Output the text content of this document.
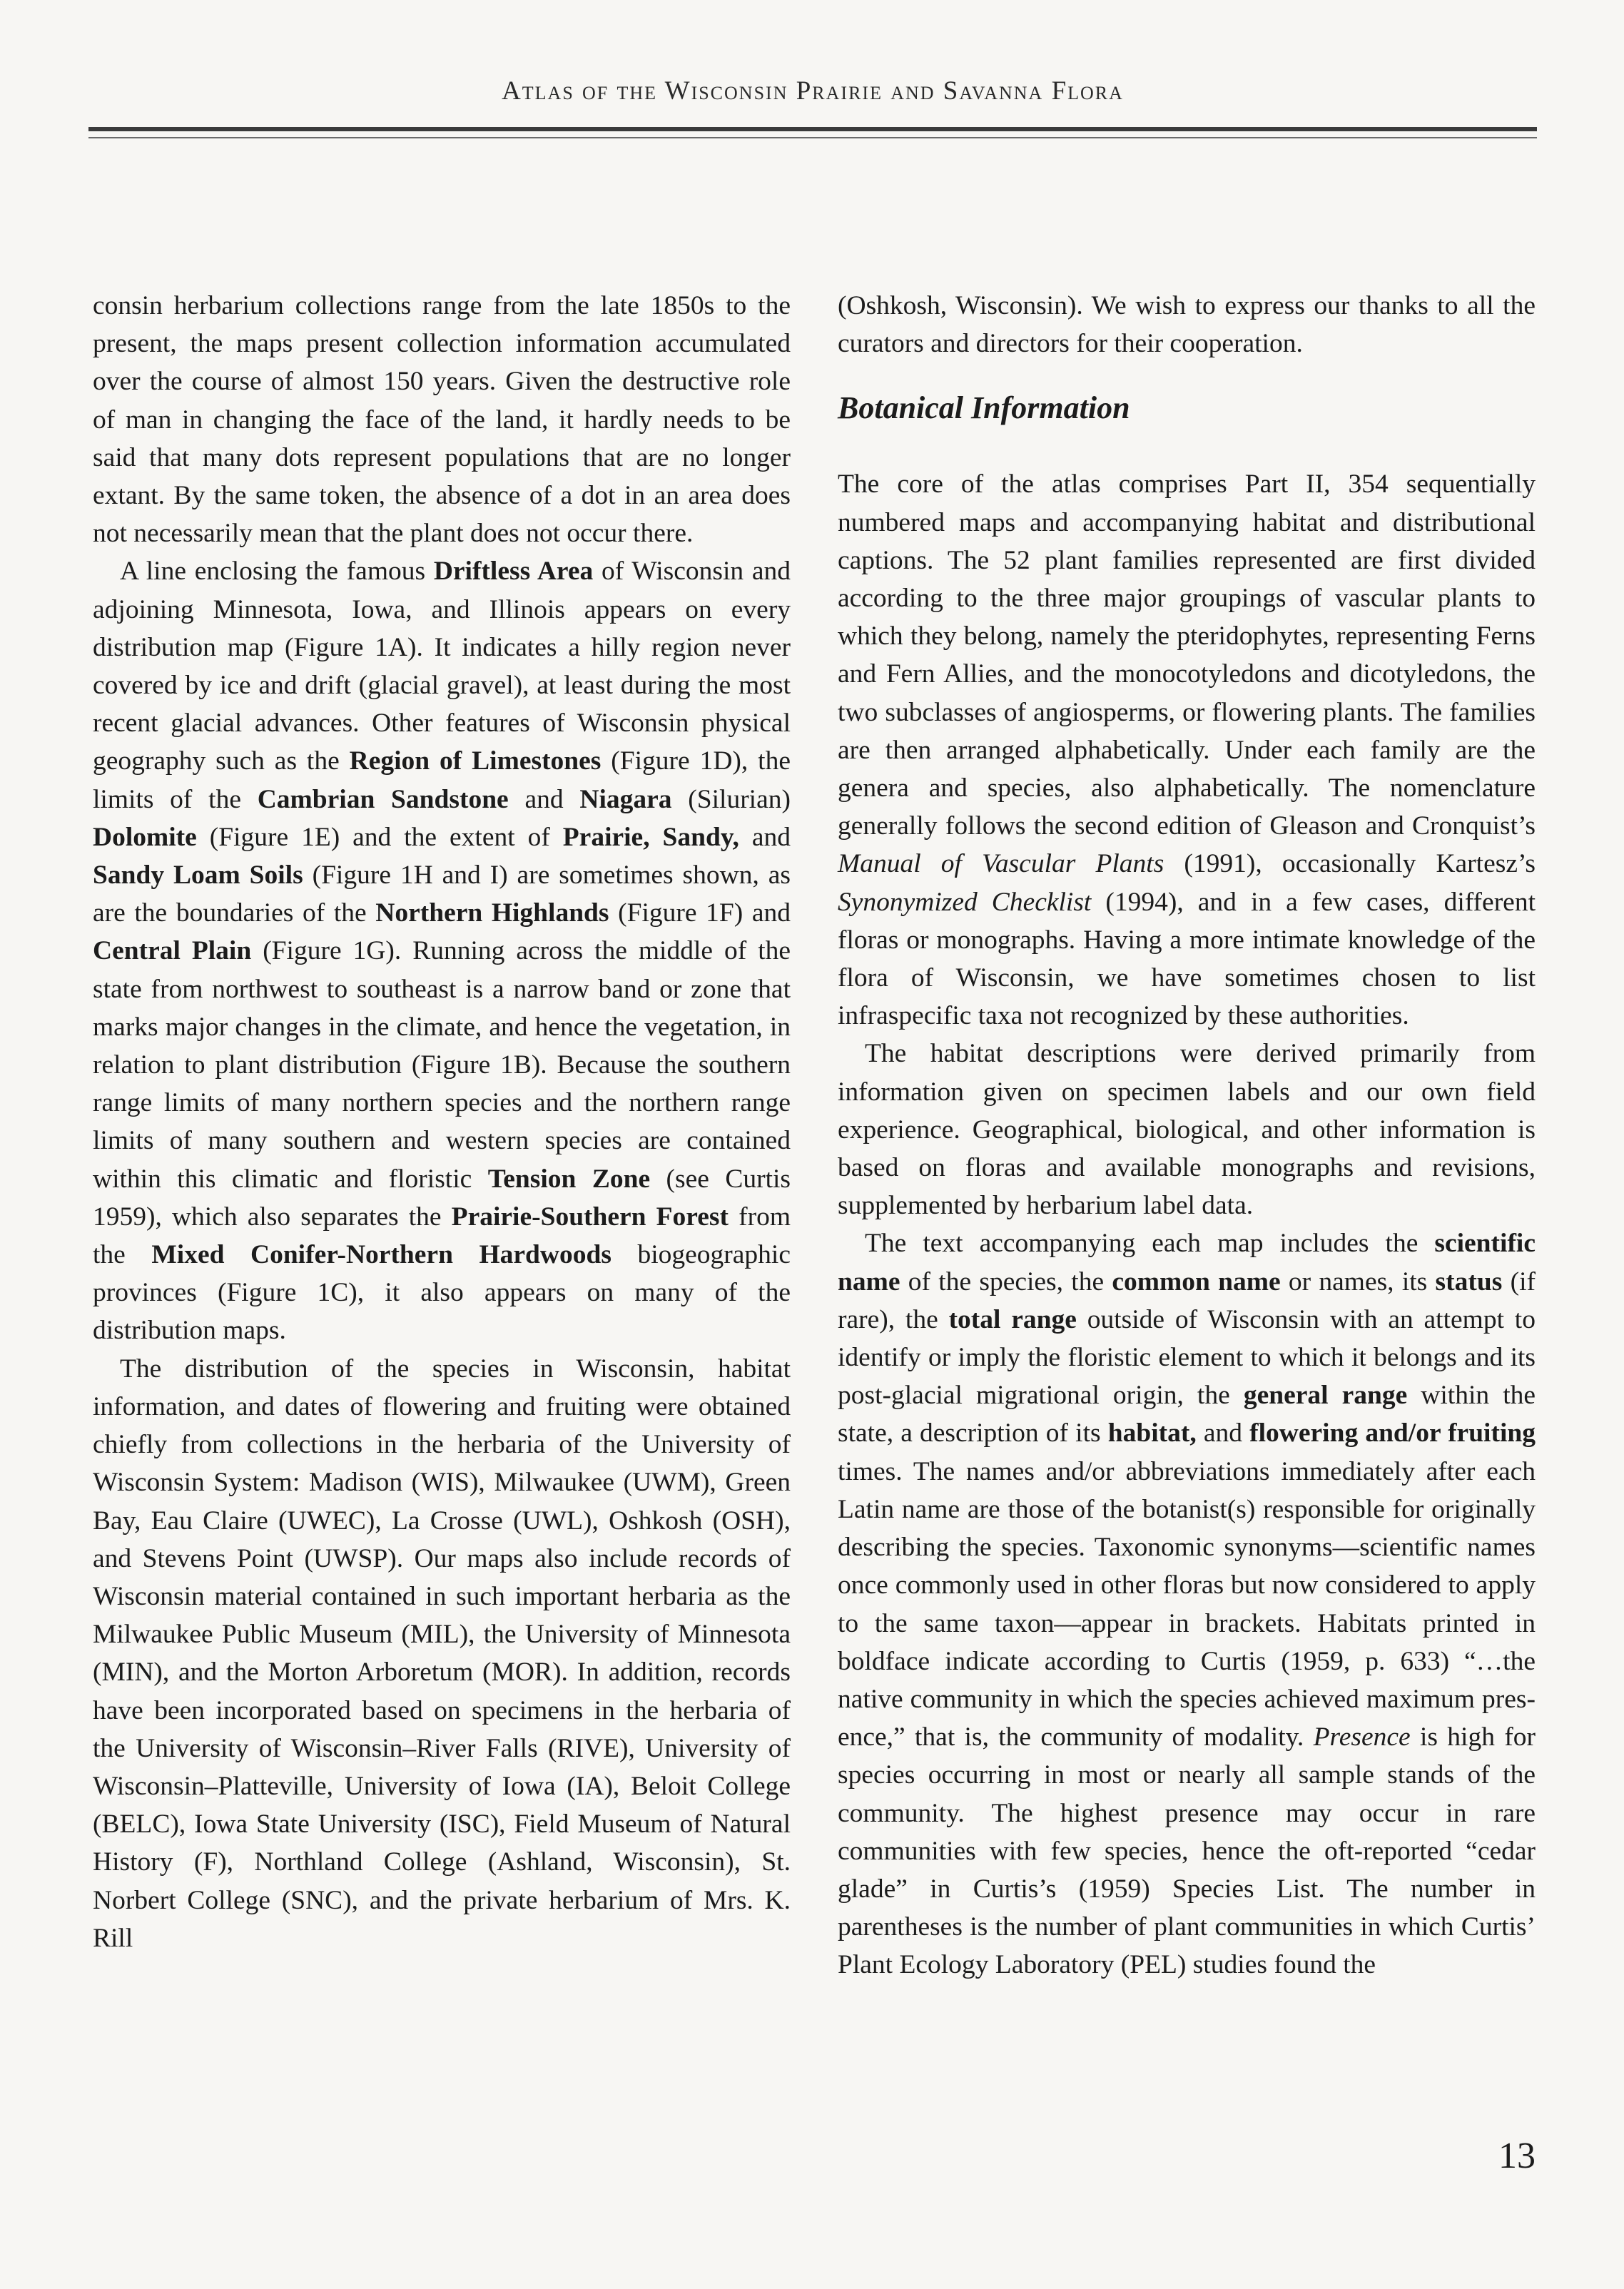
Atlas of the Wisconsin Prairie and Savanna Flora

consin herbarium collections range from the late 1850s to the present, the maps present collection information accumulated over the course of almost 150 years. Given the destructive role of man in changing the face of the land, it hardly needs to be said that many dots represent populations that are no longer extant. By the same token, the absence of a dot in an area does not necessarily mean that the plant does not occur there.

A line enclosing the famous Driftless Area of Wisconsin and adjoining Minnesota, Iowa, and Illinois appears on every distribution map (Figure 1A). It indicates a hilly region never covered by ice and drift (glacial gravel), at least during the most recent glacial advances. Other features of Wisconsin physical geography such as the Region of Limestones (Figure 1D), the limits of the Cambrian Sandstone and Niagara (Silurian) Dolomite (Figure 1E) and the extent of Prairie, Sandy, and Sandy Loam Soils (Figure 1H and I) are sometimes shown, as are the boundaries of the Northern Highlands (Figure 1F) and Central Plain (Figure 1G). Running across the middle of the state from northwest to southeast is a narrow band or zone that marks major changes in the climate, and hence the vegetation, in relation to plant distribution (Figure 1B). Because the southern range limits of many northern species and the northern range limits of many southern and western species are contained within this climatic and floristic Tension Zone (see Curtis 1959), which also separates the Prairie-Southern Forest from the Mixed Conifer-Northern Hardwoods biogeographic provinces (Figure 1C), it also appears on many of the distribution maps.

The distribution of the species in Wisconsin, habitat information, and dates of flowering and fruiting were obtained chiefly from collections in the herbaria of the University of Wisconsin System: Madison (WIS), Milwaukee (UWM), Green Bay, Eau Claire (UWEC), La Crosse (UWL), Oshkosh (OSH), and Stevens Point (UWSP). Our maps also include records of Wisconsin material contained in such important herbaria as the Milwaukee Public Museum (MIL), the University of Minnesota (MIN), and the Morton Arboretum (MOR). In addition, records have been incorporated based on specimens in the herbaria of the University of Wisconsin–River Falls (RIVE), University of Wisconsin–Platteville, University of Iowa (IA), Beloit College (BELC), Iowa State University (ISC), Field Museum of Natural History (F), Northland College (Ashland, Wisconsin), St. Norbert College (SNC), and the private herbarium of Mrs. K. Rill

(Oshkosh, Wisconsin). We wish to express our thanks to all the curators and directors for their cooperation.

Botanical Information

The core of the atlas comprises Part II, 354 sequentially numbered maps and accompanying habitat and distributional captions. The 52 plant families represented are first divided according to the three major groupings of vascular plants to which they belong, namely the pteridophytes, representing Ferns and Fern Allies, and the monocotyledons and dicotyledons, the two subclasses of angiosperms, or flowering plants. The families are then arranged alphabetically. Under each family are the genera and species, also alphabetically. The nomenclature generally follows the second edition of Gleason and Cronquist’s Manual of Vascular Plants (1991), occasionally Kartesz’s Synonymized Checklist (1994), and in a few cases, different floras or monographs. Having a more intimate knowledge of the flora of Wisconsin, we have sometimes chosen to list infraspecific taxa not recognized by these authorities.

The habitat descriptions were derived primarily from information given on specimen labels and our own field experience. Geographical, biological, and other information is based on floras and available monographs and revisions, supplemented by herbarium label data.

The text accompanying each map includes the scientific name of the species, the common name or names, its status (if rare), the total range outside of Wisconsin with an attempt to identify or imply the floristic element to which it belongs and its post-glacial migrational origin, the general range within the state, a description of its habitat, and flowering and/or fruiting times. The names and/or abbreviations immediately after each Latin name are those of the botanist(s) responsible for originally describing the species. Taxonomic synonyms—scientific names once commonly used in other floras but now considered to apply to the same taxon—appear in brackets. Habitats printed in boldface indicate according to Curtis (1959, p. 633) “…the native community in which the species achieved maximum presence,” that is, the community of modality. Presence is high for species occurring in most or nearly all sample stands of the community. The highest presence may occur in rare communities with few species, hence the oft-reported “cedar glade” in Curtis’s (1959) Species List. The number in parentheses is the number of plant communities in which Curtis’ Plant Ecology Laboratory (PEL) studies found the

13
